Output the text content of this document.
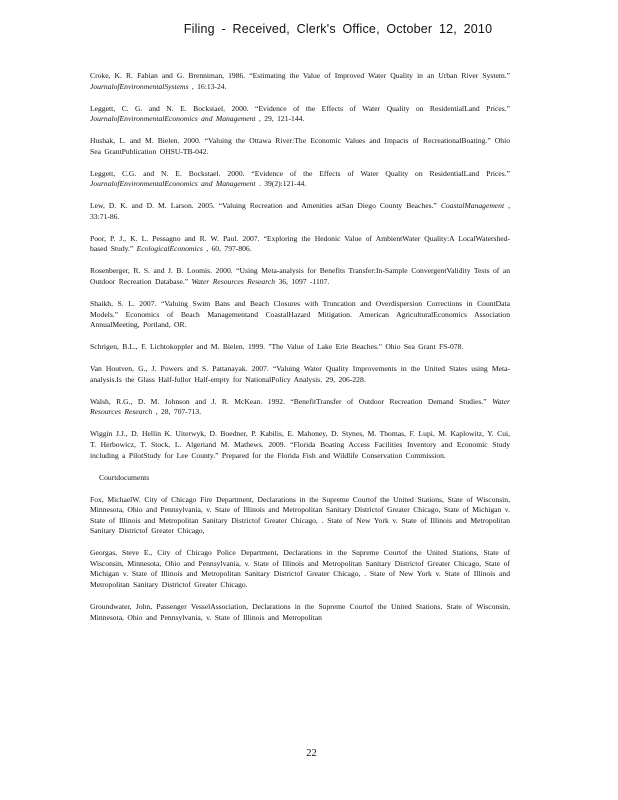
Filing - Received, Clerk's Office, October 12, 2010

Croke, K. R. Fabian and G. Brenniman, 1986. “Estimating the Value of Improved Water Quality in an Urban River System.” JournalofEnvironmentalSystems , 16:13-24.

Leggett, C. G. and N. E. Bockstael, 2000. “Evidence of the Effects of Water Quality on ResidentialLand Prices.” JournalofEnvironmentalEconomics and Management , 29, 121-144.

Hushak, L. and M. Bielen. 2000. “Valuing the Ottawa River:The Economic Values and Impacts of RecreationalBoating.” Ohio Sea GrantPublication OHSU-TB-042.

Leggett, C.G. and N. E. Bockstael. 2000. “Evidence of the Effects of Water Quality on ResidentialLand Prices.” JournalofEnvironmentalEconomics and Management . 39(2):121-44.

Lew, D. K. and D. M. Larson. 2005. “Valuing Recreation and Amenities atSan Diego County Beaches.” CoastalManagement , 33:71-86.

Poor, P. J., K. L. Pessagno and R. W. Paul. 2007. “Exploring the Hedonic Value of AmbientWater Quality:A LocalWatershed-based Study.” EcologicalEconomics , 60, 797-806.

Rosenberger, R. S. and J. B. Loomis. 2000. “Using Meta-analysis for Benefits Transfer:In-Sample ConvergentValidity Tests of an Outdoor Recreation Database.” Water Resources Research 36, 1097 -1107.

Shaikh, S. L. 2007. “Valuing Swim Bans and Beach Closures with Truncation and Overdispersion Corrections in CountData Models.” Economics of Beach Managementand CoastalHazard Mitigation. American AgriculturalEconomics Association AnnualMeeting, Portland, OR.

Schrigen, B.L., F. Lichtokoppler and M. Bielen. 1999. "The Value of Lake Erie Beaches." Ohio Sea Grant FS-078.

Van Houtven, G., J. Powers and S. Pattanayak. 2007. “Valuing Water Quality Improvements in the United States using Meta-analysis.Is the Glass Half-fullor Half-empty for NationalPolicy Analysis. 29, 206-228.

Walsh, R.G., D. M. Johnson and J. R. McKean. 1992. “BenefitTransfer of Outdoor Recreation Demand Studies.” Water Resources Research , 28, 707-713.

Wiggin J.J., D. Hellin K. Uiterwyk, D. Boedner, P. Kabilis, E. Mahoney, D. Stynes, M. Thomas, F. Lupi, M. Kaplowitz, Y. Cui, T. Herbowicz, T. Stock, L. Algeriand M. Mathews. 2009. “Florida Boating Access Facilities Inventory and Economic Study including a PilotStudy for Lee County.” Prepared for the Florida Fish and Wildlife Conservation Commission.

Courtdocuments

Fox, MichaelW. City of Chicago Fire Department, Declarations in the Supreme Courtof the United Stations, State of Wisconsin, Minnesota, Ohio and Pennsylvania, v. State of Illinois and Metropolitan Sanitary Districtof Greater Chicago, State of Michigan v. State of Illinois and Metropolitan Sanitary Districtof Greater Chicago, . State of New York v. State of Illinois and Metropolitan Sanitary Districtof Greater Chicago,

Georgas, Steve E., City of Chicago Police Department, Declarations in the Supreme Courtof the United Stations, State of Wisconsin, Minnesota, Ohio and Pennsylvania, v. State of Illinois and Metropolitan Sanitary Districtof Greater Chicago, State of Michigan v. State of Illinois and Metropolitan Sanitary Districtof Greater Chicago, . State of New York v. State of Illinois and Metropolitan Sanitary Districtof Greater Chicago.

Groundwater, John, Passenger VesselAssociation, Declarations in the Supreme Courtof the United Stations, State of Wisconsin, Minnesota, Ohio and Pennsylvania, v. State of Illinois and Metropolitan

22
